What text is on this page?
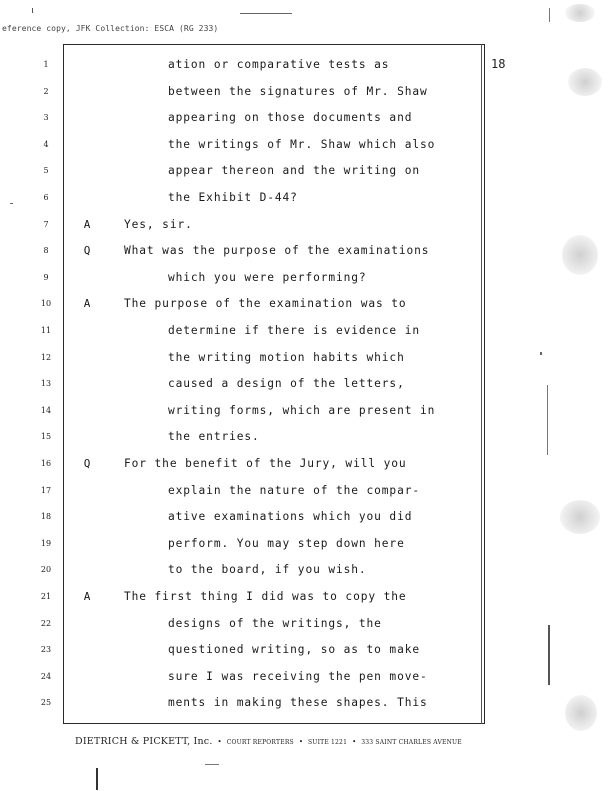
eference copy, JFK Collection: ESCA (RG 233)
18
1	ation or comparative tests as
2	between the signatures of Mr. Shaw
3	appearing on those documents and
4	the writings of Mr. Shaw which also
5	appear thereon and the writing on
6	the Exhibit D-44?
7	A	Yes, sir.
8	Q	What was the purpose of the examinations
9	which you were performing?
10	A	The purpose of the examination was to
11	determine if there is evidence in
12	the writing motion habits which
13	caused a design of the letters,
14	writing forms, which are present in
15	the entries.
16	Q	For the benefit of the Jury, will you
17	explain the nature of the compar-
18	ative examinations which you did
19	perform. You may step down here
20	to the board, if you wish.
21	A	The first thing I did was to copy the
22	designs of the writings, the
23	questioned writing, so as to make
24	sure I was receiving the pen move-
25	ments in making these shapes. This
DIETRICH & PICKETT, Inc. • COURT REPORTERS • SUITE 1221 • 333 SAINT CHARLES AVENUE
